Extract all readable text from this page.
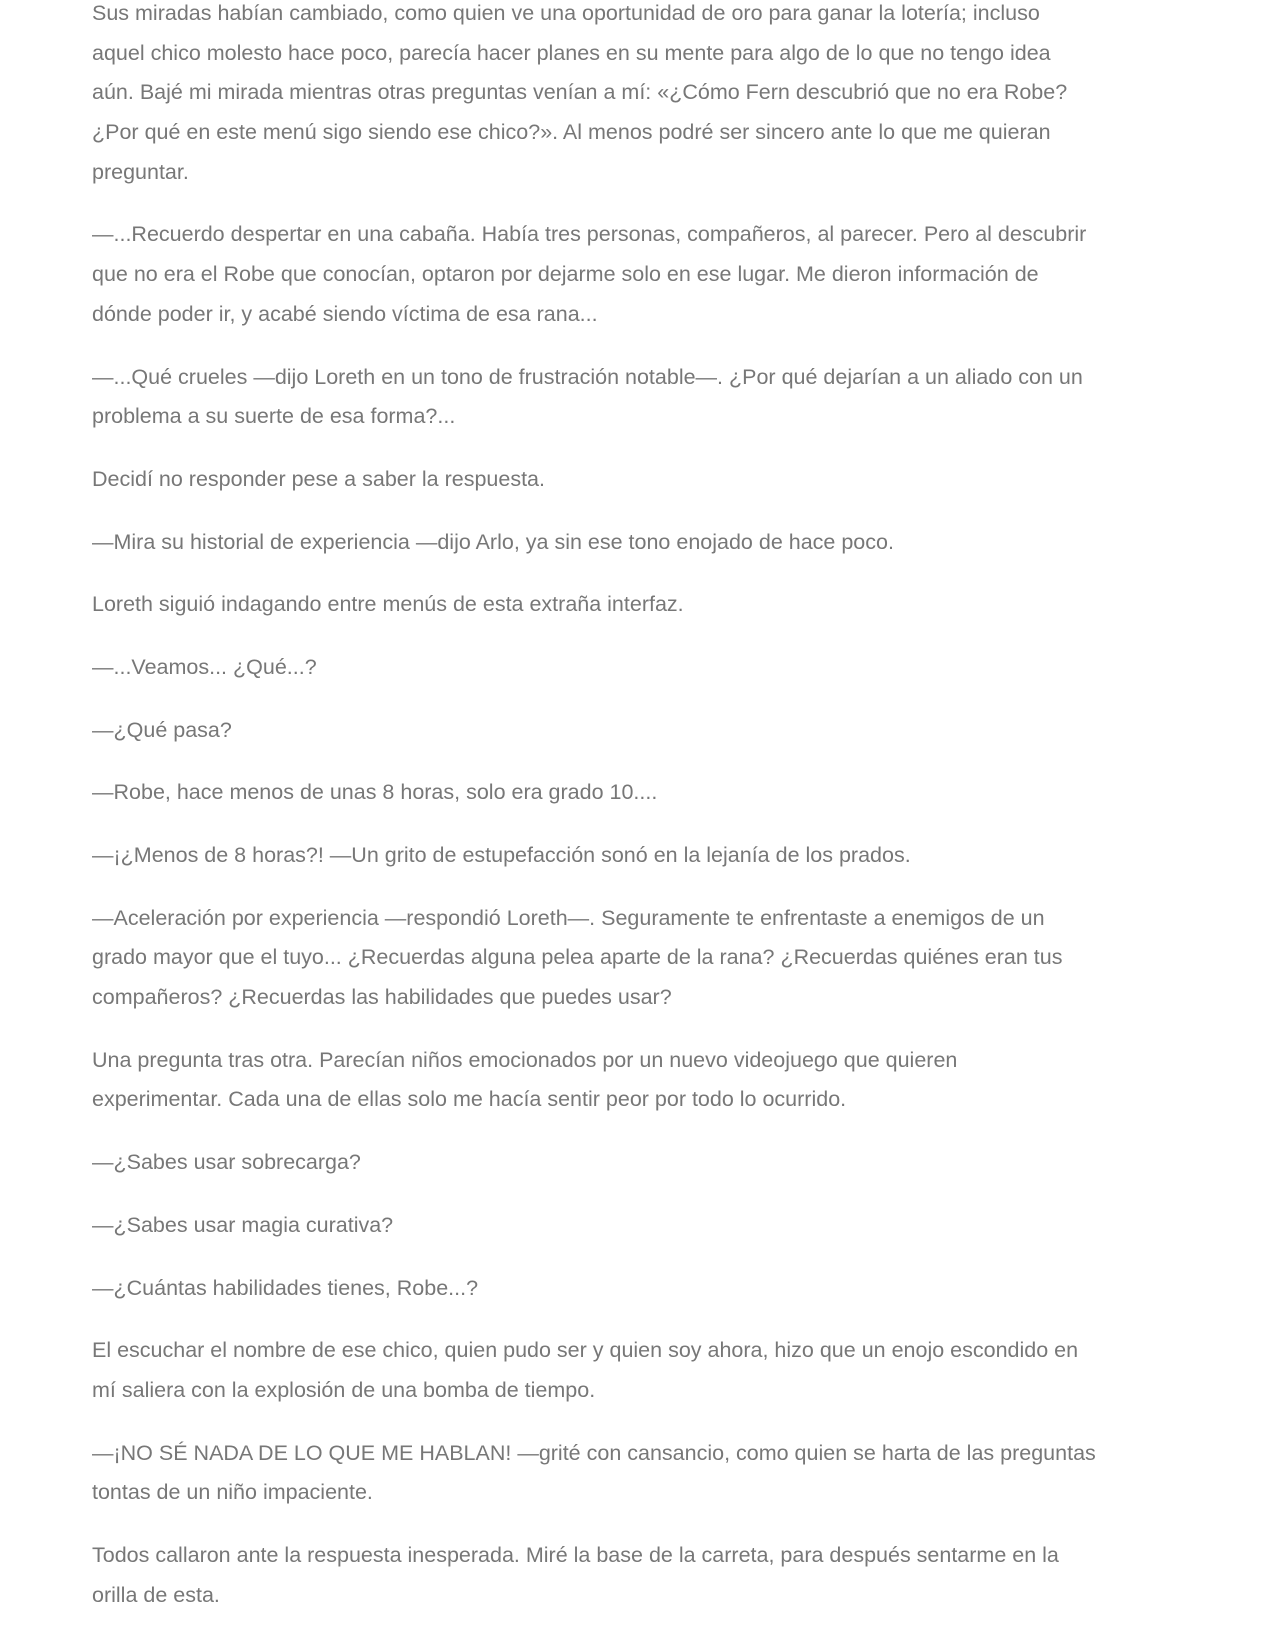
Sus miradas habían cambiado, como quien ve una oportunidad de oro para ganar la lotería; incluso
aquel chico molesto hace poco, parecía hacer planes en su mente para algo de lo que no tengo idea
aún. Bajé mi mirada mientras otras preguntas venían a mí: «¿Cómo Fern descubrió que no era Robe?
¿Por qué en este menú sigo siendo ese chico?». Al menos podré ser sincero ante lo que me quieran
preguntar.

—...Recuerdo despertar en una cabaña. Había tres personas, compañeros, al parecer. Pero al descubrir
que no era el Robe que conocían, optaron por dejarme solo en ese lugar. Me dieron información de
dónde poder ir, y acabé siendo víctima de esa rana...

—...Qué crueles —dijo Loreth en un tono de frustración notable—. ¿Por qué dejarían a un aliado con un
problema a su suerte de esa forma?...

Decidí no responder pese a saber la respuesta.

—Mira su historial de experiencia —dijo Arlo, ya sin ese tono enojado de hace poco.

Loreth siguió indagando entre menús de esta extraña interfaz.

—...Veamos... ¿Qué...?

—¿Qué pasa?

—Robe, hace menos de unas 8 horas, solo era grado 10....

—¡¿Menos de 8 horas?! —Un grito de estupefacción sonó en la lejanía de los prados.

—Aceleración por experiencia —respondió Loreth—. Seguramente te enfrentaste a enemigos de un
grado mayor que el tuyo... ¿Recuerdas alguna pelea aparte de la rana? ¿Recuerdas quiénes eran tus
compañeros? ¿Recuerdas las habilidades que puedes usar?

Una pregunta tras otra. Parecían niños emocionados por un nuevo videojuego que quieren
experimentar. Cada una de ellas solo me hacía sentir peor por todo lo ocurrido.

—¿Sabes usar sobrecarga?

—¿Sabes usar magia curativa?

—¿Cuántas habilidades tienes, Robe...?

El escuchar el nombre de ese chico, quien pudo ser y quien soy ahora, hizo que un enojo escondido en
mí saliera con la explosión de una bomba de tiempo.

—¡NO SÉ NADA DE LO QUE ME HABLAN! —grité con cansancio, como quien se harta de las preguntas
tontas de un niño impaciente.

Todos callaron ante la respuesta inesperada. Miré la base de la carreta, para después sentarme en la
orilla de esta.
